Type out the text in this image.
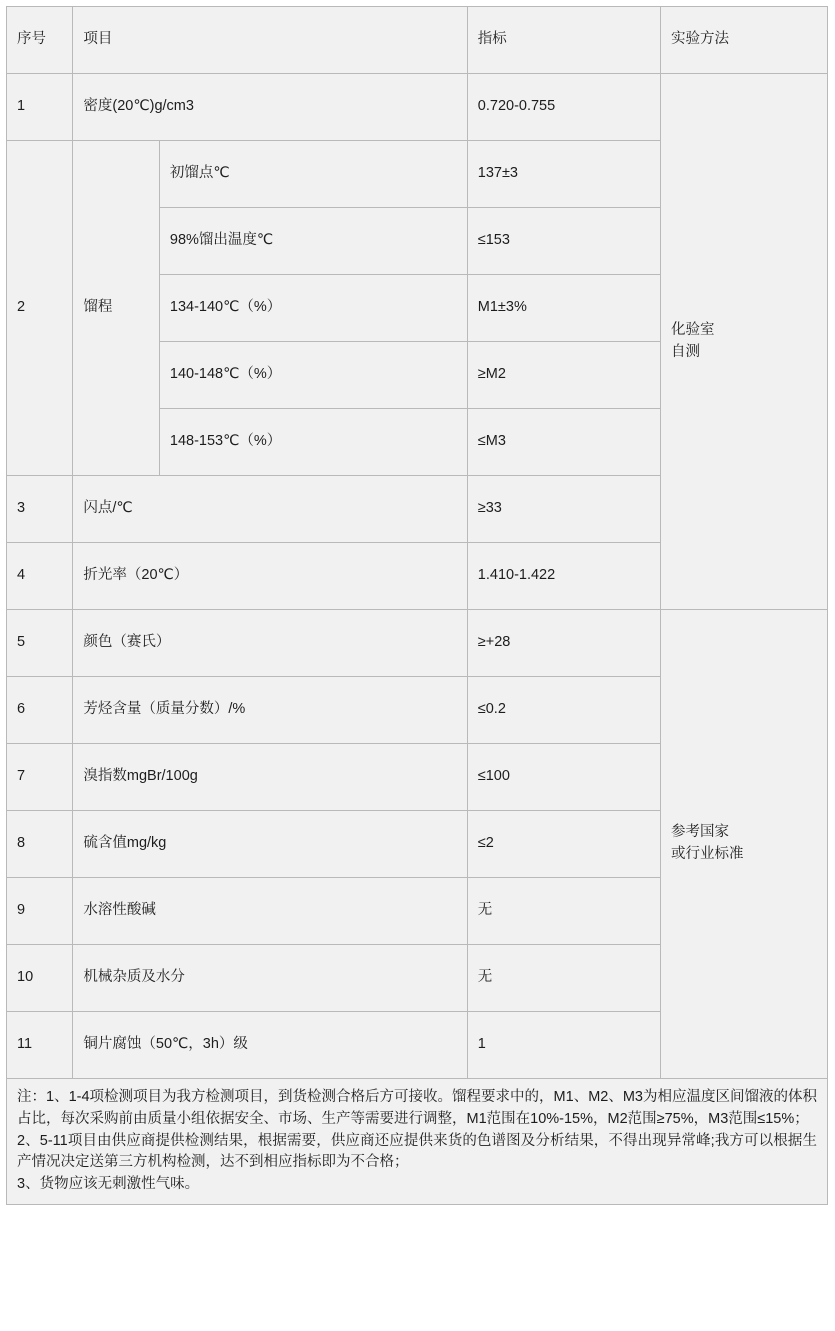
序号	项目		指标	实验方法
1	密度(20℃)g/cm3		0.720-0.755	化验室
自测

2	馏程	初馏点℃	137±3	
		98%馏出温度℃	≤153	
		134-140℃（%）	M1±3%	
		140-148℃（%）	≥M2	
		148-153℃（%）	≤M3	
3	闪点/℃		≥33	
4	折光率（20℃）		1.410-1.422	
5	颜色（赛氏）		≥+28	参考国家
或行业标准

6	芳烃含量（质量分数）/%		≤0.2	
7	溴指数mgBr/100g		≤100	
8	硫含值mg/kg		≤2	
9	水溶性酸碱		无	
10	机械杂质及水分		无	
11	铜片腐蚀（50℃，3h）级		1	

注：1、1-4项检测项目为我方检测项目，到货检测合格后方可接收。馏程要求中的，M1、M2、M3为相应温度区间馏液的体积占比，每次采购前由质量小组依据安全、市场、生产等需要进行调整，M1范围在10%-15%，M2范围≥75%，M3范围≤15%；

2、5-11项目由供应商提供检测结果，根据需要，供应商还应提供来货的色谱图及分析结果，不得出现异常峰;我方可以根据生产情况决定送第三方机构检测，达不到相应指标即为不合格；

3、货物应该无刺激性气味。				
